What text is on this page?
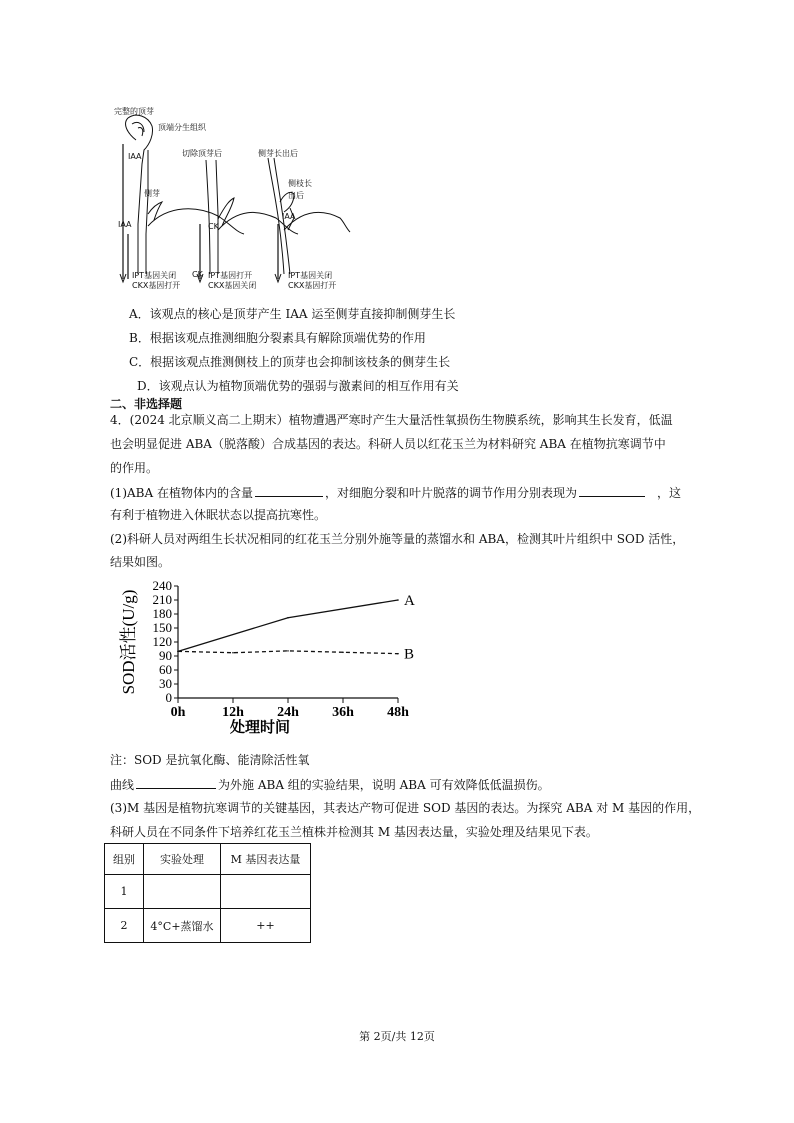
完整的顶芽
顶端分生组织
IAA
侧芽
IAA
切除顶芽后
CK
CK
侧芽长出后
侧枝长
出后
IAA
IPT基因关闭
CKX基因打开
IPT基因打开
CKX基因关闭
IPT基因关闭
CKX基因打开
A．该观点的核心是顶芽产生 IAA 运至侧芽直接抑制侧芽生长
B．根据该观点推测细胞分裂素具有解除顶端优势的作用
C．根据该观点推测侧枝上的顶芽也会抑制该枝条的侧芽生长
D．该观点认为植物顶端优势的强弱与激素间的相互作用有关
二、非选择题
4．(2024 北京顺义高二上期末）植物遭遇严寒时产生大量活性氧损伤生物膜系统，影响其生长发育，低温
也会明显促进 ABA（脱落酸）合成基因的表达。科研人员以红花玉兰为材料研究 ABA 在植物抗寒调节中
的作用。
(1)ABA 在植物体内的含量	，对细胞分裂和叶片脱落的调节作用分别表现为	，这
有利于植物进入休眠状态以提高抗寒性。
(2)科研人员对两组生长状况相同的红花玉兰分别外施等量的蒸馏水和 ABA，检测其叶片组织中 SOD 活性，
结果如图。
0
30
60
90
120
150
180
210
240
0h	12h 24h 36h 48h
处理时间
SOD活性(U/g)	A
B
注：SOD 是抗氧化酶、能清除活性氧
曲线	为外施 ABA 组的实验结果，说明 ABA 可有效降低低温损伤。
(3)M 基因是植物抗寒调节的关键基因，其表达产物可促进 SOD 基因的表达。为探究 ABA 对 M 基因的作用，
科研人员在不同条件下培养红花玉兰植株并检测其 M 基因表达量，实验处理及结果见下表。
组别	实验处理	M 基因表达量
1		
2	4°C+蒸馏水	++
第 2页/共 12页
